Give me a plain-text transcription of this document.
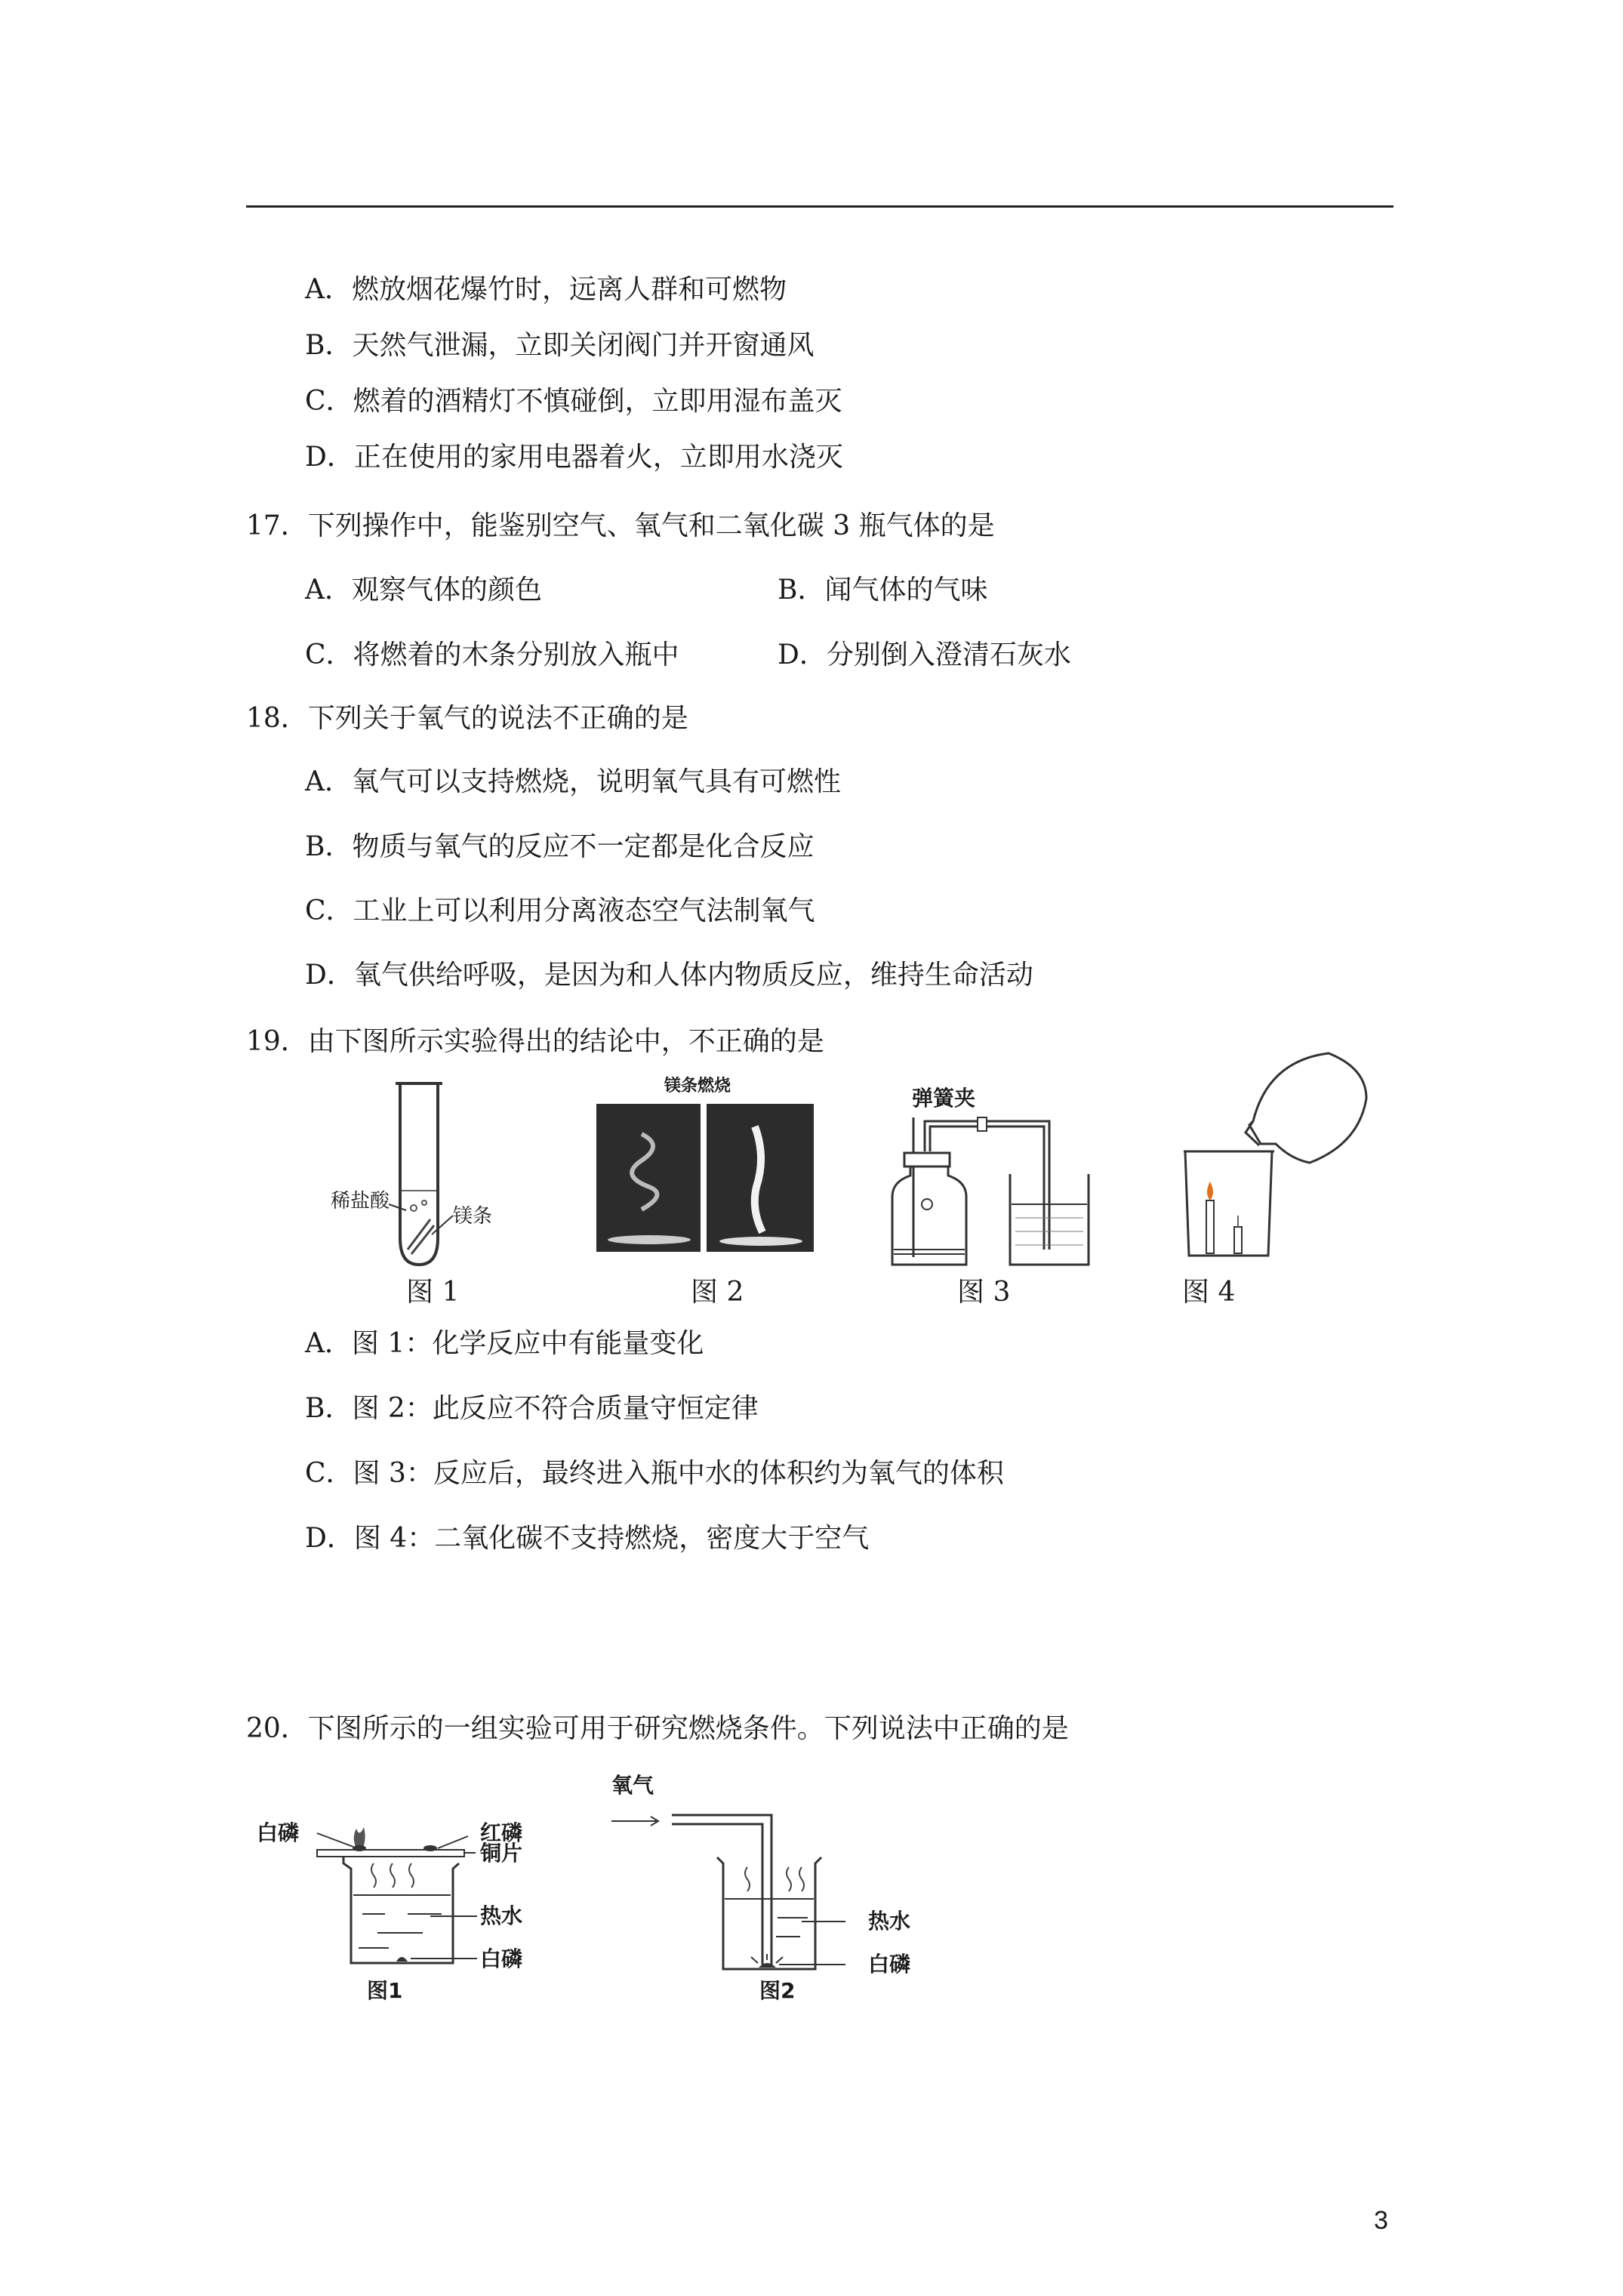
A．燃放烟花爆竹时，远离人群和可燃物
B．天然气泄漏，立即关闭阀门并开窗通风
C．燃着的酒精灯不慎碰倒，立即用湿布盖灭
D．正在使用的家用电器着火，立即用水浇灭
17．下列操作中，能鉴别空气、氧气和二氧化碳 3 瓶气体的是
A．观察气体的颜色	B．闻气体的气味
C．将燃着的木条分别放入瓶中	D．分别倒入澄清石灰水
18．下列关于氧气的说法不正确的是
A．氧气可以支持燃烧，说明氧气具有可燃性
B．物质与氧气的反应不一定都是化合反应
C．工业上可以利用分离液态空气法制氧气
D．氧气供给呼吸，是因为和人体内物质反应，维持生命活动
19．由下图所示实验得出的结论中，不正确的是
稀盐酸
镁条
镁条燃烧	弹簧夹
图 1	图 2	图 3	图 4
A．图 1：化学反应中有能量变化
B．图 2：此反应不符合质量守恒定律
C．图 3：反应后，最终进入瓶中水的体积约为氧气的体积
D．图 4：二氧化碳不支持燃烧，密度大于空气
20．下图所示的一组实验可用于研究燃烧条件。下列说法中正确的是
白磷	红磷
铜片
热水
白磷
图1
氧气
热水
白磷
图2
3
